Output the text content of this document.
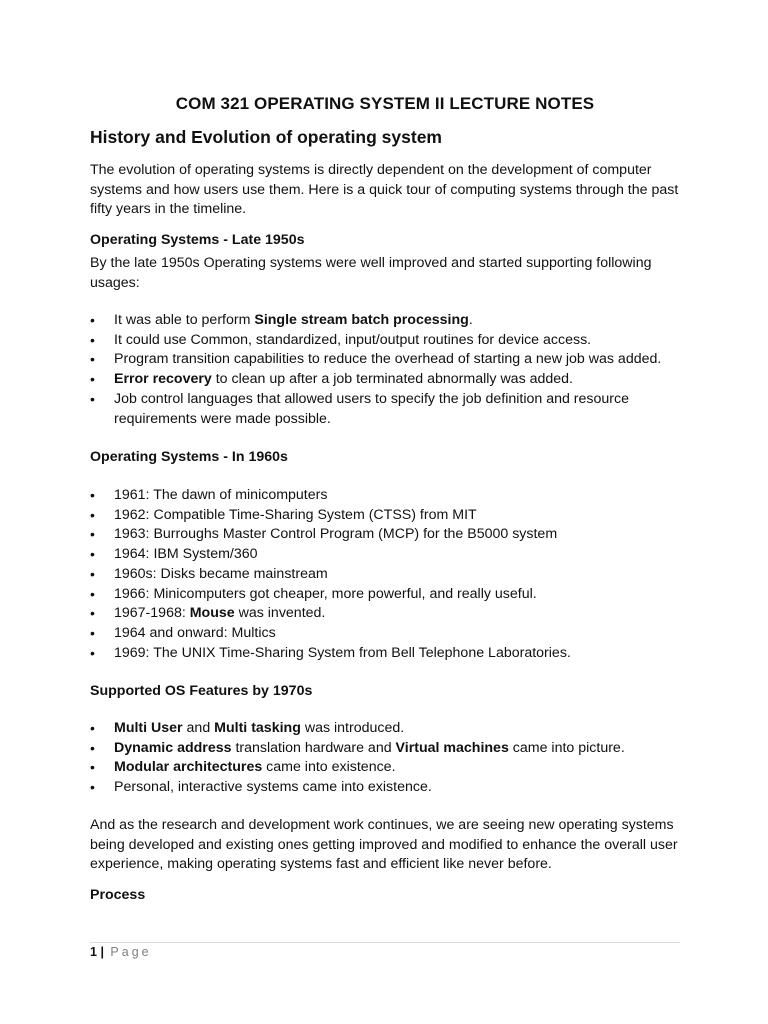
COM 321 OPERATING SYSTEM II LECTURE NOTES
History and Evolution of operating system
The evolution of operating systems is directly dependent on the development of computer systems and how users use them. Here is a quick tour of computing systems through the past fifty years in the timeline.
Operating Systems - Late 1950s
By the late 1950s Operating systems were well improved and started supporting following usages:
• It was able to perform Single stream batch processing.
• It could use Common, standardized, input/output routines for device access.
• Program transition capabilities to reduce the overhead of starting a new job was added.
• Error recovery to clean up after a job terminated abnormally was added.
• Job control languages that allowed users to specify the job definition and resource requirements were made possible.
Operating Systems - In 1960s
• 1961: The dawn of minicomputers
• 1962: Compatible Time-Sharing System (CTSS) from MIT
• 1963: Burroughs Master Control Program (MCP) for the B5000 system
• 1964: IBM System/360
• 1960s: Disks became mainstream
• 1966: Minicomputers got cheaper, more powerful, and really useful.
• 1967-1968: Mouse was invented.
• 1964 and onward: Multics
• 1969: The UNIX Time-Sharing System from Bell Telephone Laboratories.
Supported OS Features by 1970s
• Multi User and Multi tasking was introduced.
• Dynamic address translation hardware and Virtual machines came into picture.
• Modular architectures came into existence.
• Personal, interactive systems came into existence.
And as the research and development work continues, we are seeing new operating systems being developed and existing ones getting improved and modified to enhance the overall user experience, making operating systems fast and efficient like never before.
Process
1 | Page
